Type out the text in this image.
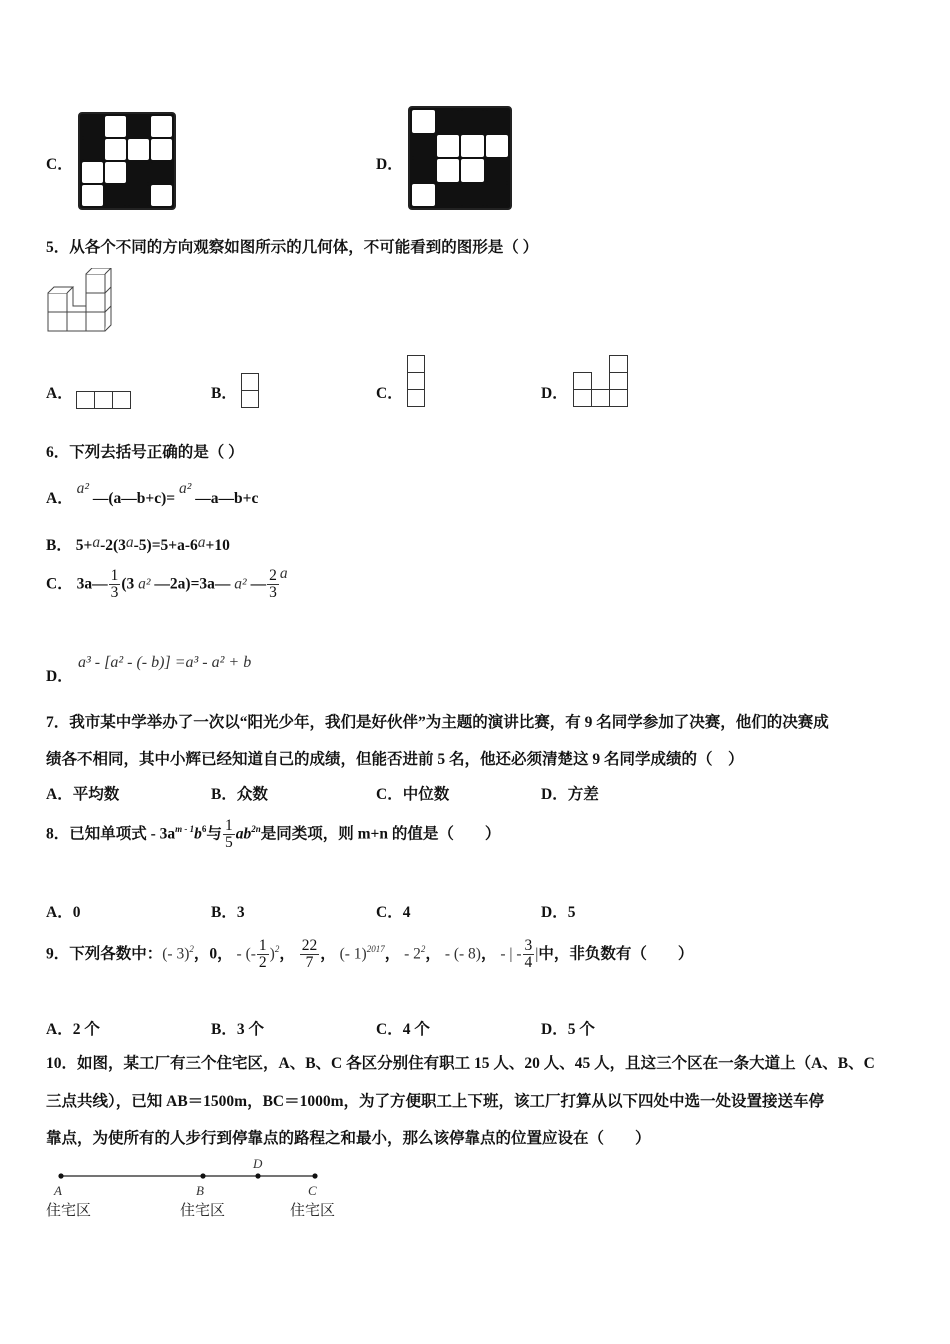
C．	D．
5．从各个不同的方向观察如图所示的几何体，不可能看到的图形是（ ）
A．	B．	C．	D．
6．下列去括号正确的是（ ）
A． a² —(a—b+c)= a² —a—b+c
B． 5+a-2(3a-5)=5+a-6a+10
C． 3a— $\frac{1}{3} (3$ a² —2a)=3a— a² — $\frac{2}{3}$ a
D．
a³ - [a² - (- b)] =a³ - a² + b
7．我市某中学举办了一次以“阳光少年，我们是好伙伴”为主题的演讲比赛，有 9 名同学参加了决赛，他们的决赛成
绩各不相同，其中小辉已经知道自己的成绩，但能否进前 5 名，他还必须清楚这 9 名同学成绩的（　）
A．平均数	B．众数	C．中位数	D．方差
8．已知单项式 - $3a^{m - 1}b^6$与 $\frac{1}{5} ab^{2n}$是同类项，则 m+n 的值是（　　）
A．0	B．3	C．4	D．5
9．下列各数中：(- 3)$^2$，0， - (- $\frac{1}{2} )^2$， $\frac{22}{7}$ ， (- 1)$^{2017}$， - $2^2$， - (- 8)， - | - $\frac{3}{4}$ |中，非负数有（　　）
A．2 个	B．3 个	C．4 个	D．5 个
10．如图，某工厂有三个住宅区，A、B、C 各区分别住有职工 15 人、20 人、45 人，且这三个区在一条大道上（A、B、C
三点共线），已知 AB＝1500m，BC＝1000m，为了方便职工上下班，该工厂打算从以下四处中选一处设置接送车停
靠点，为使所有的人步行到停靠点的路程之和最小，那么该停靠点的位置应设在（　　）
A	B
D
C
住宅区	住宅区	住宅区
